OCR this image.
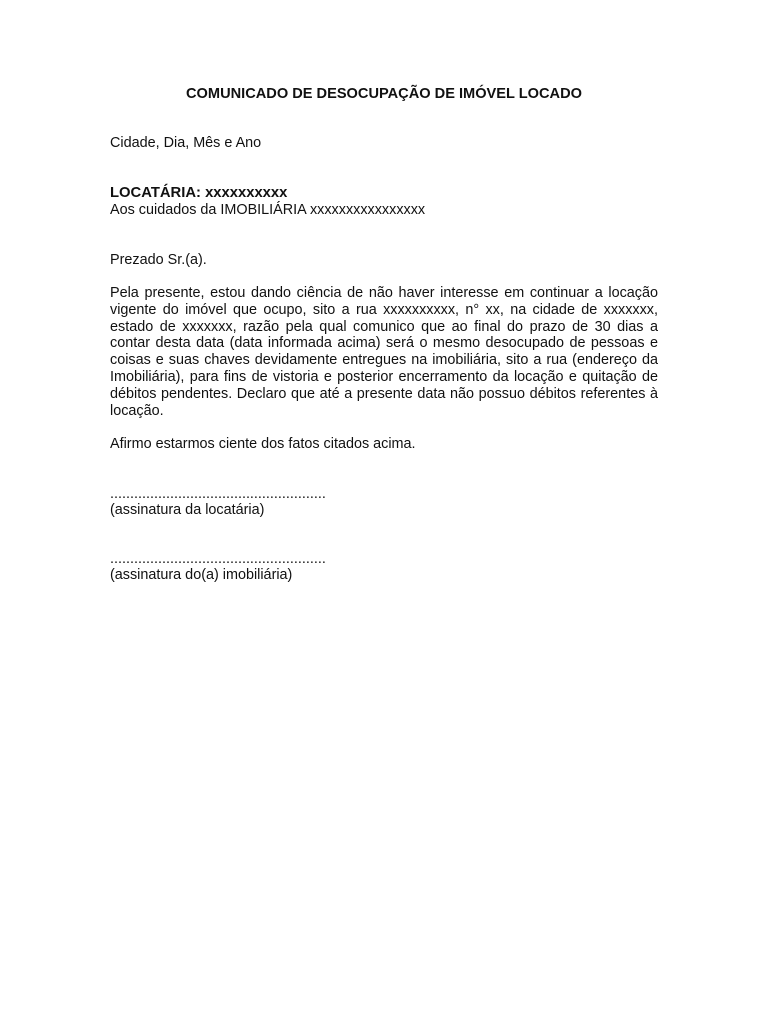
COMUNICADO DE DESOCUPAÇÃO DE IMÓVEL LOCADO

Cidade, Dia, Mês e Ano

LOCATÁRIA: xxxxxxxxxx

Aos cuidados da IMOBILIÁRIA xxxxxxxxxxxxxxxx

Prezado Sr.(a).

Pela presente, estou dando ciência de não haver interesse em continuar a locação vigente do imóvel que ocupo, sito a rua xxxxxxxxxx, n° xx, na cidade de xxxxxxx, estado de xxxxxxx, razão pela qual comunico que ao final do prazo de 30 dias a contar desta data (data informada acima) será o mesmo desocupado de pessoas e coisas e suas chaves devidamente entregues na imobiliária, sito a rua (endereço da Imobiliária), para fins de vistoria e posterior encerramento da locação e quitação de débitos pendentes. Declaro que até a presente data não possuo débitos referentes à locação.

Afirmo estarmos ciente dos fatos citados acima.

......................................................

(assinatura da locatária)

......................................................

(assinatura do(a) imobiliária)
